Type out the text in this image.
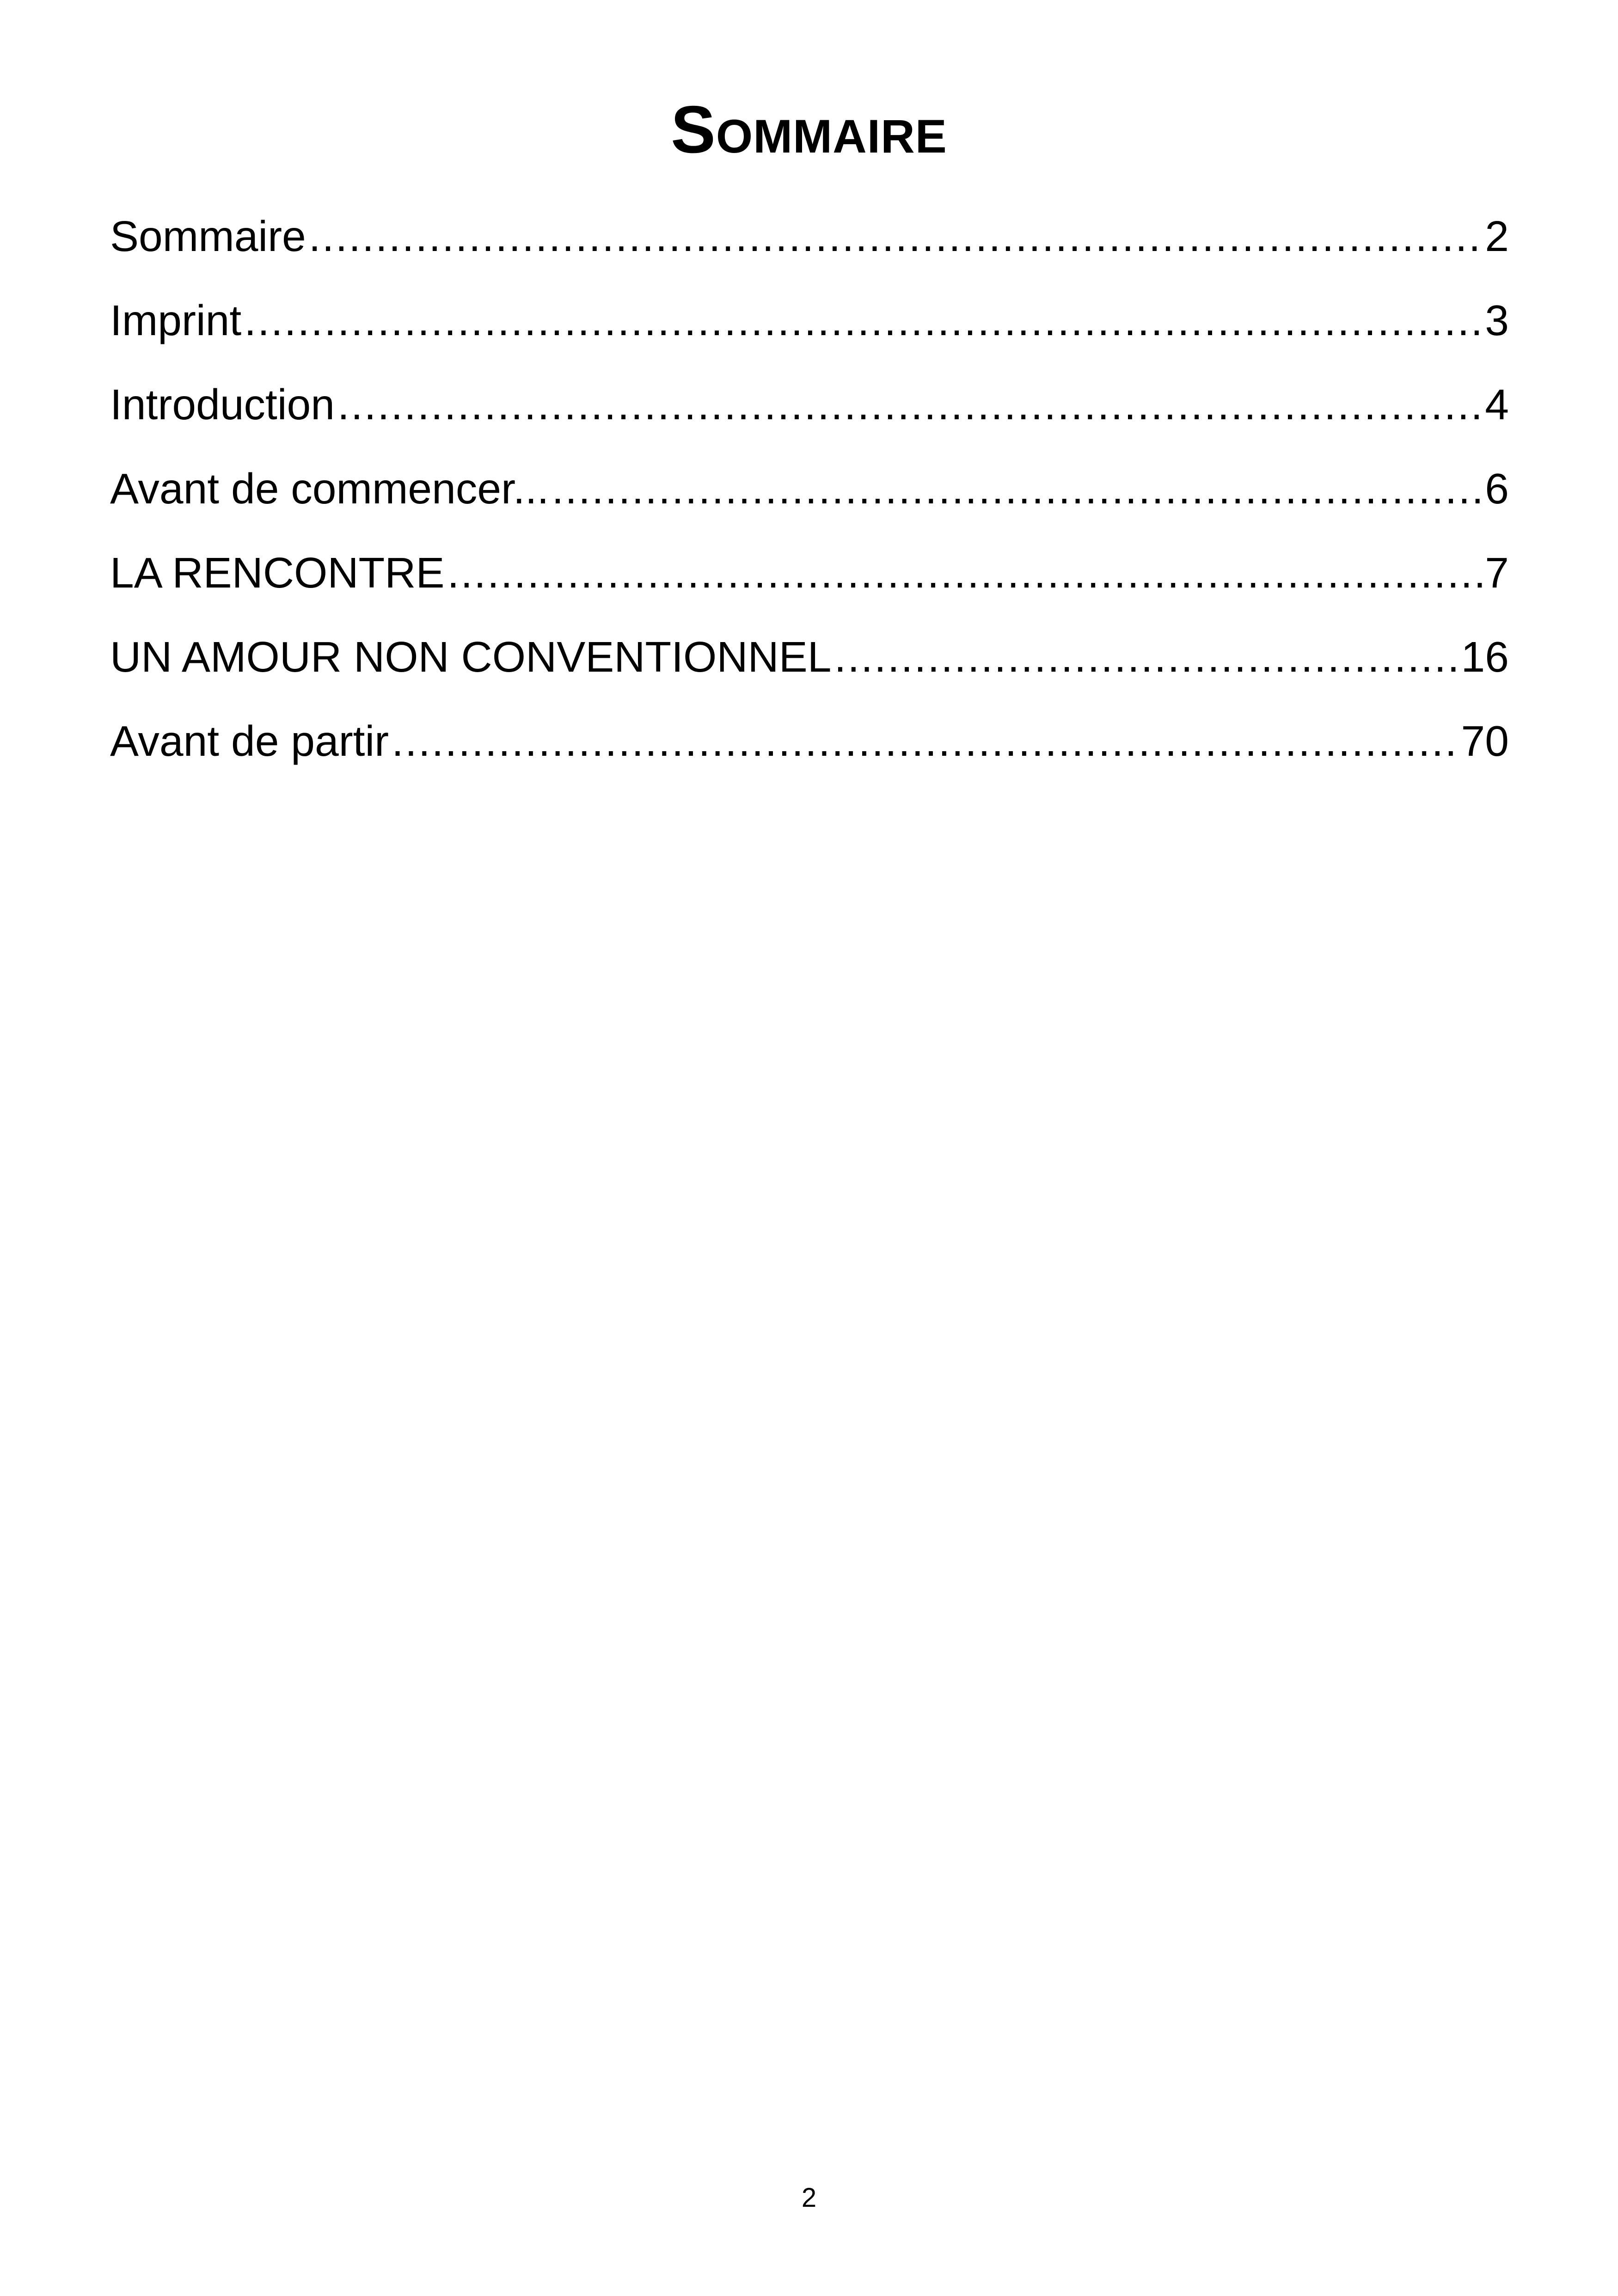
Sommaire
Sommaire .....	2
Imprint .....	3
Introduction .....	4
Avant de commencer... .....	6
LA RENCONTRE .....	7
UN AMOUR NON CONVENTIONNEL .....	16
Avant de partir .....	70
2
